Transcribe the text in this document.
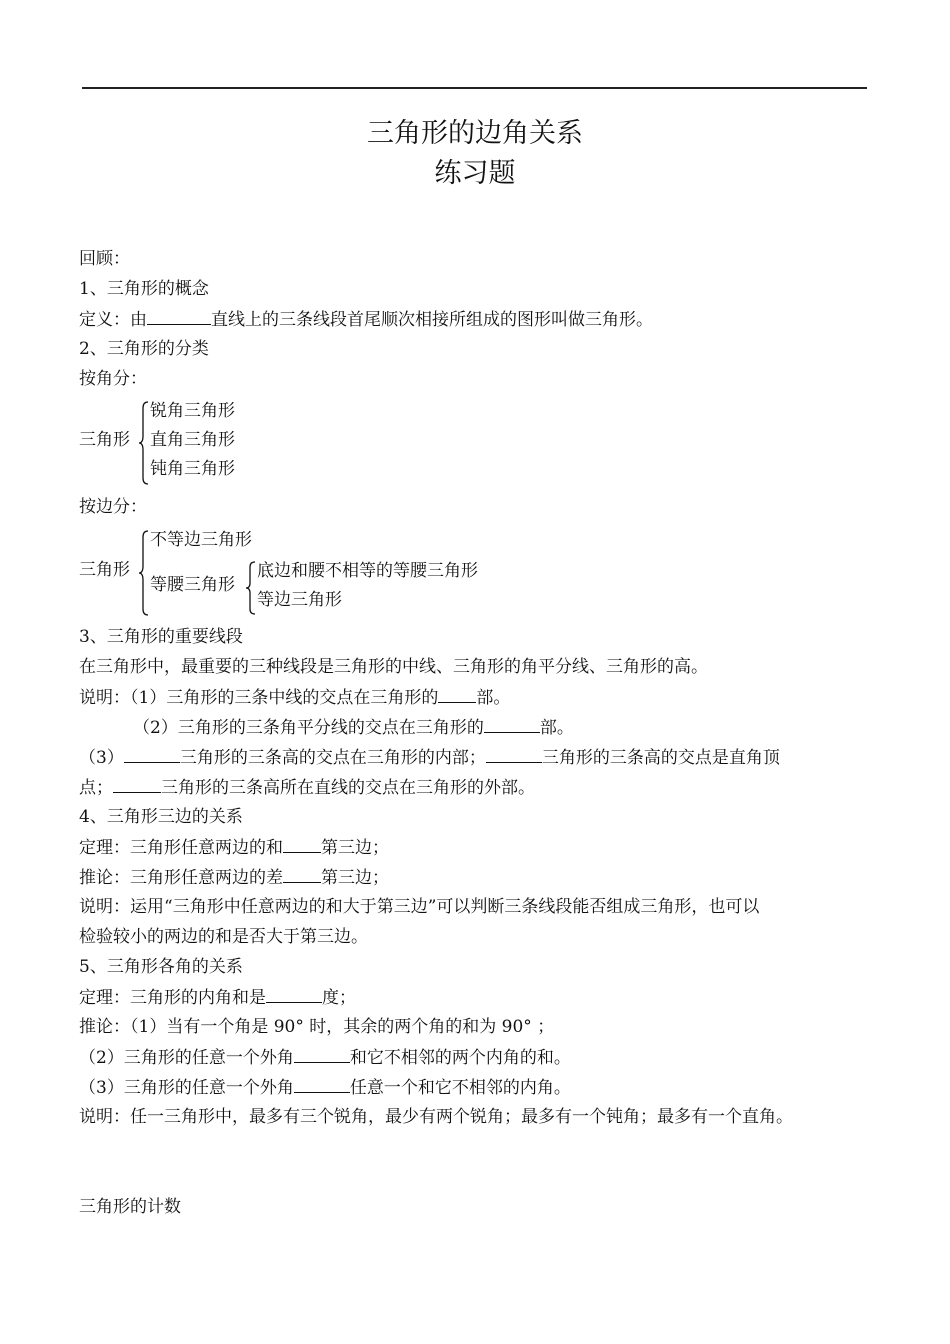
三角形的边角关系
练习题
回顾：
1、三角形的概念
定义：由	直线上的三条线段首尾顺次相接所组成的图形叫做三角形。
2、三角形的分类
按角分：
三角形
锐角三角形
直角三角形
钝角三角形
按边分：
三角形
不等边三角形
等腰三角形
底边和腰不相等的等腰三角形
等边三角形
3、三角形的重要线段
在三角形中，最重要的三种线段是三角形的中线、三角形的角平分线、三角形的高。
说明：（1）三角形的三条中线的交点在三角形的 部。
（2）三角形的三条角平分线的交点在三角形的	部。
（3）	三角形的三条高的交点在三角形的内部；	三角形的三条高的交点是直角顶
点；	三角形的三条高所在直线的交点在三角形的外部。
4、三角形三边的关系
定理：三角形任意两边的和 第三边；
推论：三角形任意两边的差 第三边；
说明：运用“三角形中任意两边的和大于第三边”可以判断三条线段能否组成三角形，也可以
检验较小的两边的和是否大于第三边。
5、三角形各角的关系
定理：三角形的内角和是	度；
推论：（1）当有一个角是 90° 时，其余的两个角的和为 90° ；
（2）三角形的任意一个外角	和它不相邻的两个内角的和。
（3）三角形的任意一个外角	任意一个和它不相邻的内角。
说明：任一三角形中，最多有三个锐角，最少有两个锐角；最多有一个钝角；最多有一个直角。
三角形的计数
